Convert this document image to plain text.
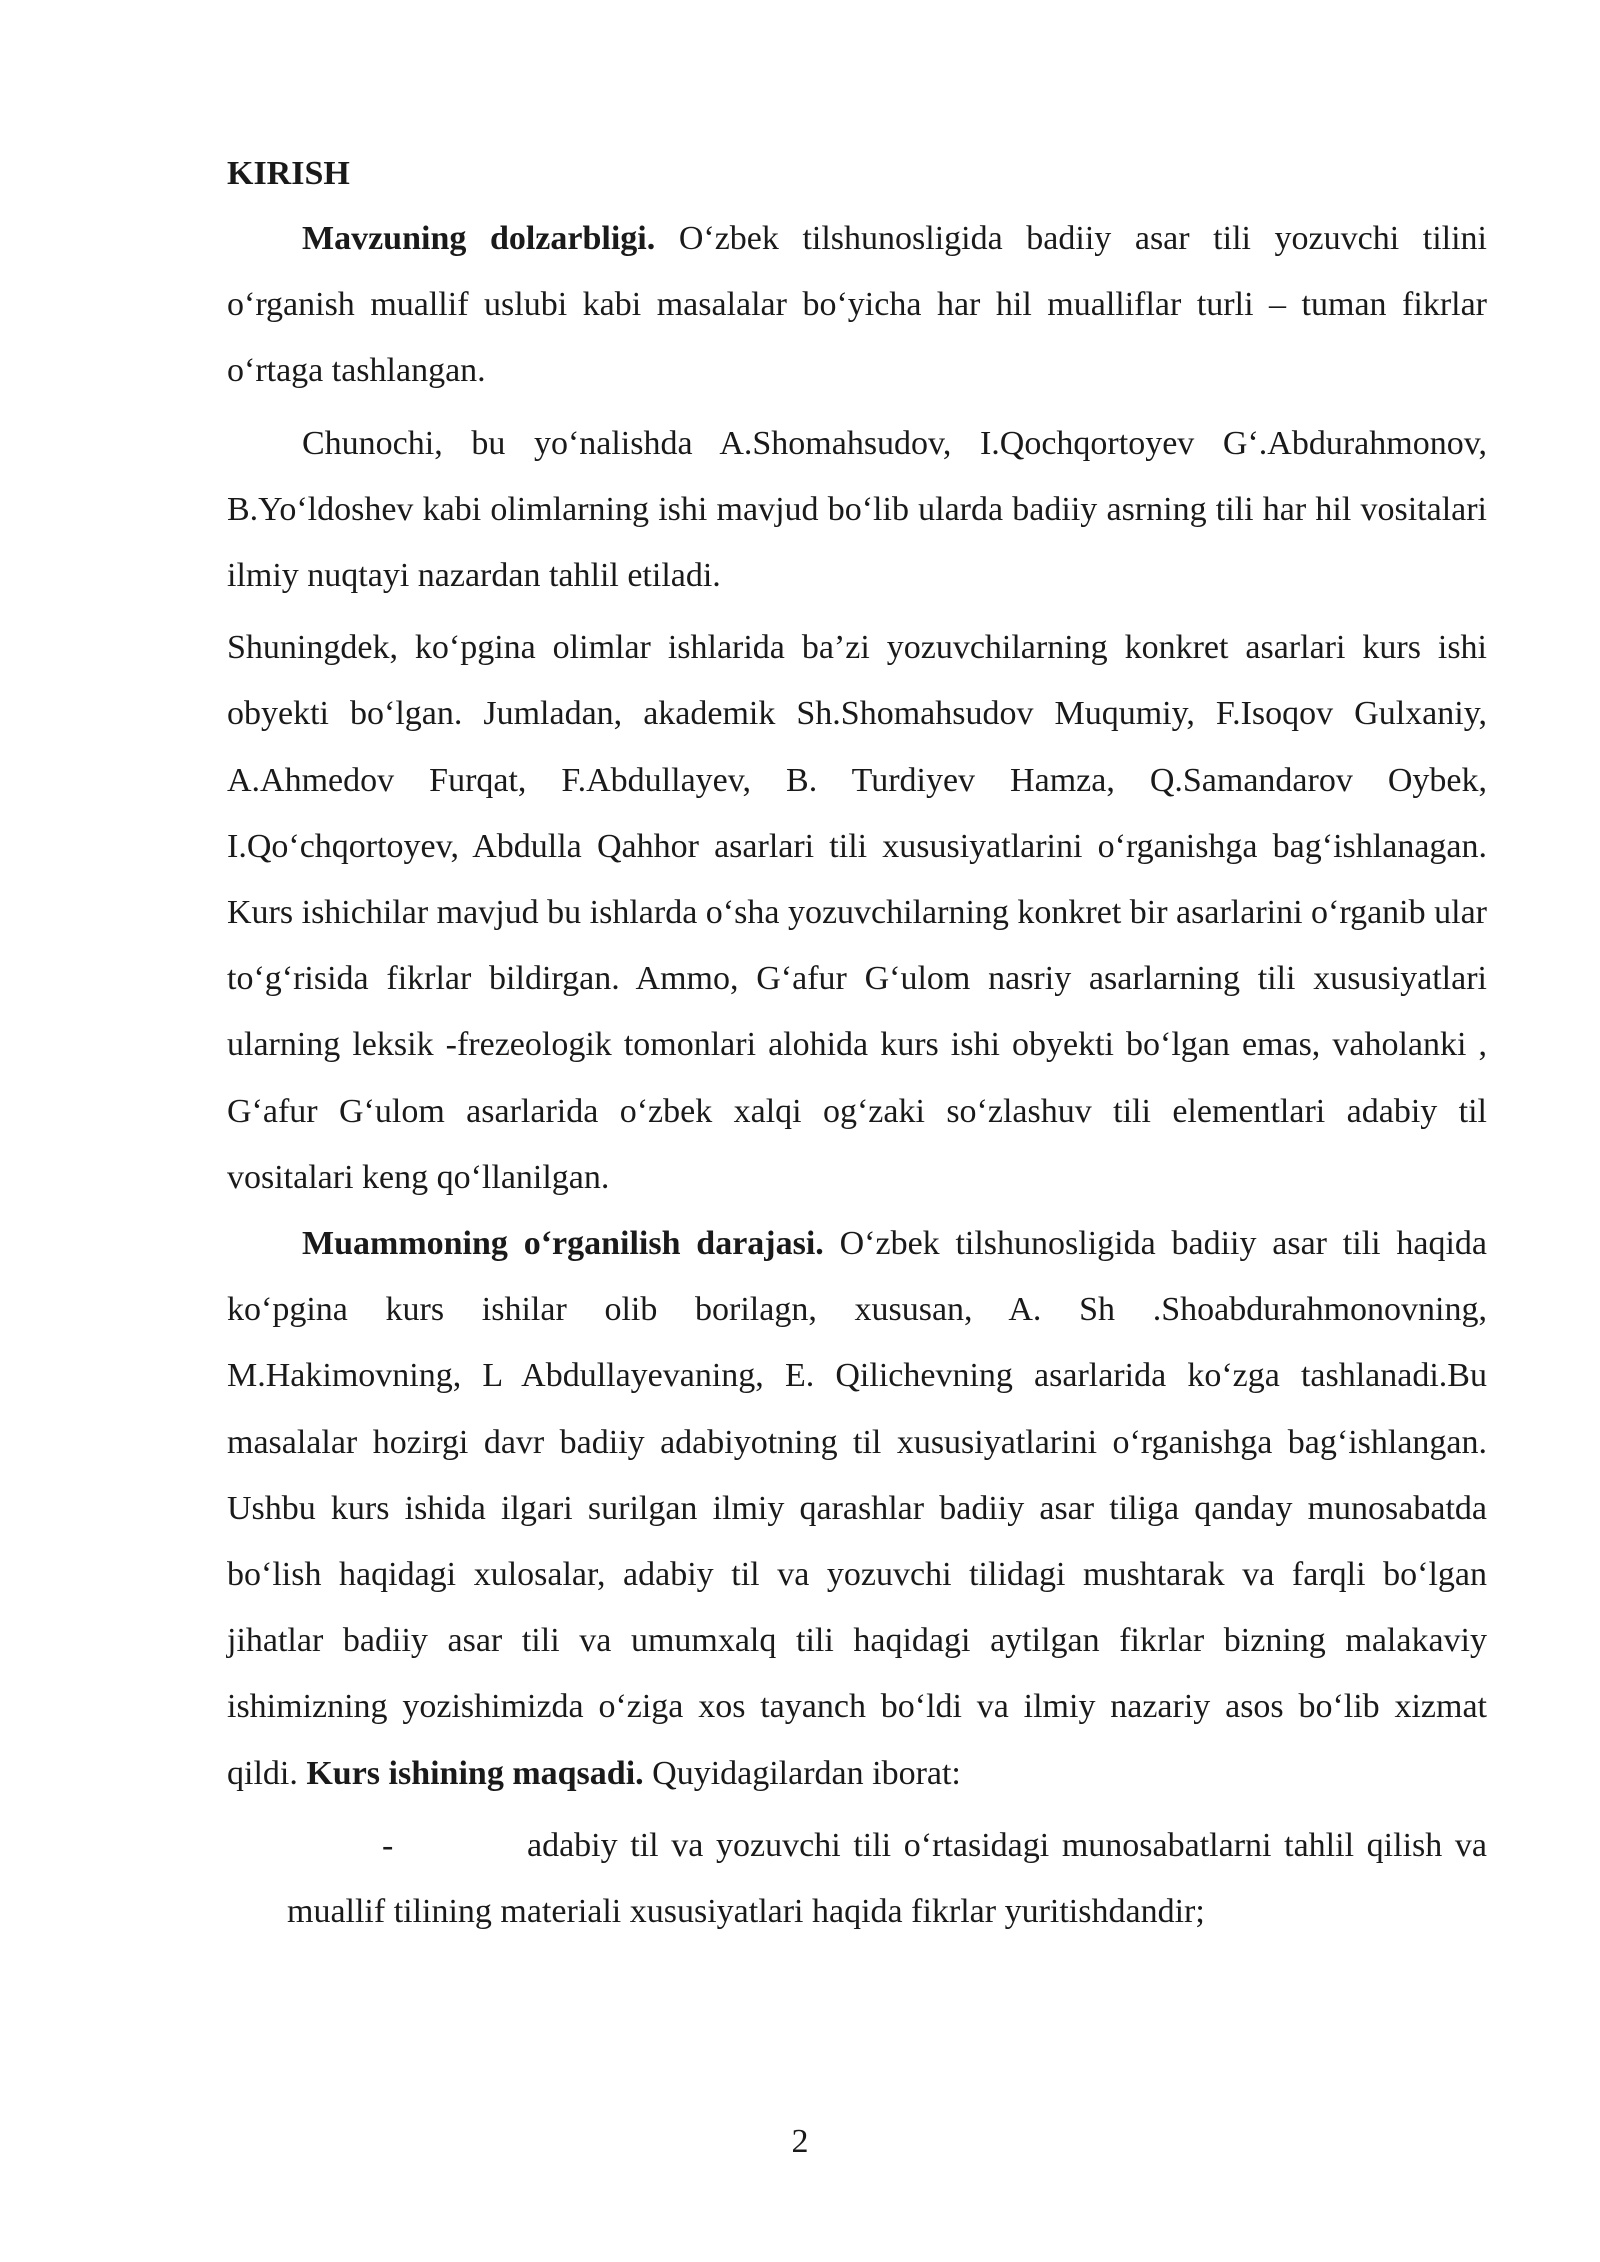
KIRISH

Mavzuning dolzarbligi. O‘zbek tilshunosligida badiiy asar tili yozuvchi tilini o‘rganish muallif uslubi kabi masalalar bo‘yicha har hil mualliflar turli – tuman fikrlar o‘rtaga tashlangan.

Chunochi, bu yo‘nalishda A.Shomahsudov, I.Qochqortoyev G‘.Abdurahmonov, B.Yo‘ldoshev kabi olimlarning ishi mavjud bo‘lib ularda badiiy asrning tili har hil vositalari ilmiy nuqtayi nazardan tahlil etiladi.

Shuningdek, ko‘pgina olimlar ishlarida ba’zi yozuvchilarning konkret asarlari kurs ishi obyekti bo‘lgan. Jumladan, akademik Sh.Shomahsudov Muqumiy, F.Isoqov Gulxaniy, A.Ahmedov Furqat, F.Abdullayev, B. Turdiyev Hamza, Q.Samandarov Oybek, I.Qo‘chqortoyev, Abdulla Qahhor asarlari tili xususiyatlarini o‘rganishga bag‘ishlanagan. Kurs ishichilar mavjud bu ishlarda o‘sha yozuvchilarning konkret bir asarlarini o‘rganib ular to‘g‘risida fikrlar bildirgan. Ammo, G‘afur G‘ulom nasriy asarlarning tili xususiyatlari ularning leksik -frezeologik tomonlari alohida kurs ishi obyekti bo‘lgan emas, vaholanki , G‘afur G‘ulom asarlarida o‘zbek xalqi og‘zaki so‘zlashuv tili elementlari adabiy til vositalari keng qo‘llanilgan.

Muammoning o‘rganilish darajasi. O‘zbek tilshunosligida badiiy asar tili haqida ko‘pgina kurs ishilar olib borilagn, xususan, A. Sh .Shoabdurahmonovning, M.Hakimovning, L Abdullayevaning, E. Qilichevning asarlarida ko‘zga tashlanadi.Bu masalalar hozirgi davr badiiy adabiyotning til xususiyatlarini o‘rganishga bag‘ishlangan. Ushbu kurs ishida ilgari surilgan ilmiy qarashlar badiiy asar tiliga qanday munosabatda bo‘lish haqidagi xulosalar, adabiy til va yozuvchi tilidagi mushtarak va farqli bo‘lgan jihatlar badiiy asar tili va umumxalq tili haqidagi aytilgan fikrlar bizning malakaviy ishimizning yozishimizda o‘ziga xos tayanch bo‘ldi va ilmiy nazariy asos bo‘lib xizmat qildi. Kurs ishining maqsadi. Quyidagilardan iborat:

-	adabiy til va yozuvchi tili o‘rtasidagi munosabatlarni tahlil qilish va muallif tilining materiali xususiyatlari haqida fikrlar yuritishdandir;

2
